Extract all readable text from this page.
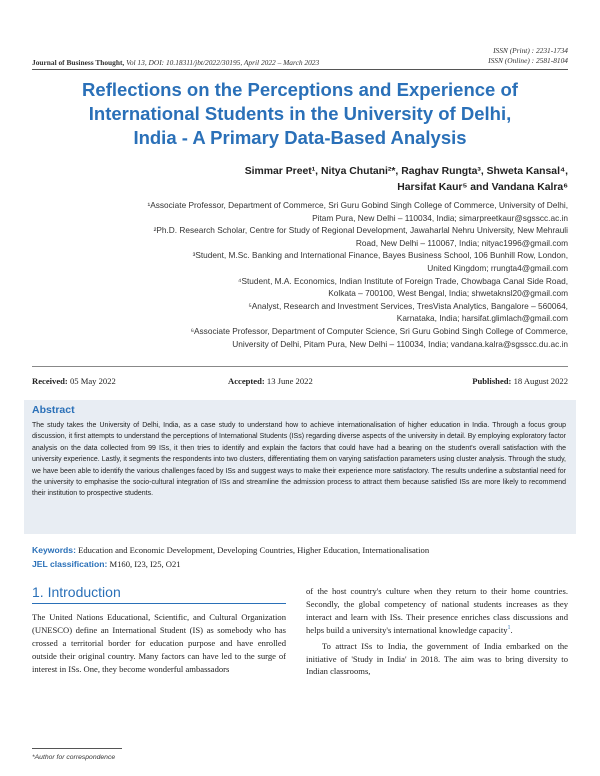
ISSN (Print) : 2231-1734
ISSN (Online) : 2581-8104
Journal of Business Thought, Vol 13, DOI: 10.18311/jbt/2022/30195, April 2022 – March 2023
Reflections on the Perceptions and Experience of
International Students in the University of Delhi,
India - A Primary Data-Based Analysis
Simmar Preet¹, Nitya Chutani²*, Raghav Rungta³, Shweta Kansal⁴,
Harsifat Kaur⁵ and Vandana Kalra⁶
¹Associate Professor, Department of Commerce, Sri Guru Gobind Singh College of Commerce, University of Delhi,
Pitam Pura, New Delhi – 110034, India; simarpreetkaur@sgsscc.ac.in
²Ph.D. Research Scholar, Centre for Study of Regional Development, Jawaharlal Nehru University, New Mehrauli
Road, New Delhi – 110067, India; nityac1996@gmail.com
³Student, M.Sc. Banking and International Finance, Bayes Business School, 106 Bunhill Row, London,
United Kingdom; rrungta4@gmail.com
⁴Student, M.A. Economics, Indian Institute of Foreign Trade, Chowbaga Canal Side Road,
Kolkata – 700100, West Bengal, India; shwetaknsl20@gmail.com
⁵Analyst, Research and Investment Services, TresVista Analytics, Bangalore – 560064,
Karnataka, India; harsifat.glimlach@gmail.com
⁶Associate Professor, Department of Computer Science, Sri Guru Gobind Singh College of Commerce,
University of Delhi, Pitam Pura, New Delhi – 110034, India; vandana.kalra@sgsscc.du.ac.in
Received: 05 May 2022	Accepted: 13 June 2022	Published: 18 August 2022
Abstract
The study takes the University of Delhi, India, as a case study to understand how to achieve internationalisation of higher education in India. Through a focus group discussion, it first attempts to understand the perceptions of International Students (ISs) regarding diverse aspects of the university in detail. By employing exploratory factor analysis on the data collected from 99 ISs, it then tries to identify and explain the factors that could have had a bearing on the student's overall satisfaction with the university experience. Lastly, it segments the respondents into two clusters, differentiating them on varying satisfaction parameters using cluster analysis. Through the study, we have been able to identify the various challenges faced by ISs and suggest ways to make their experience more satisfactory. The results underline a substantial need for the university to emphasise the socio-cultural integration of ISs and streamline the admission process to attract them because satisfied ISs are more likely to recommend their institution to prospective students.
Keywords: Education and Economic Development, Developing Countries, Higher Education, Internationalisation
JEL classification: M160, I23, I25, O21
1. Introduction

The United Nations Educational, Scientific, and Cultural Organization (UNESCO) define an International Student (IS) as somebody who has crossed a territorial border for education purpose and have enrolled outside their original country. Many factors can have led to the surge of interest in ISs. One, they become wonderful ambassadors

of the host country's culture when they return to their home countries. Secondly, the global competency of national students increases as they interact and learn with ISs. Their presence enriches class discussions and helps build a university's international knowledge capacity$^1$.

To attract ISs to India, the government of India embarked on the initiative of 'Study in India' in 2018. The aim was to bring diversity to Indian classrooms,

*Author for correspondence
